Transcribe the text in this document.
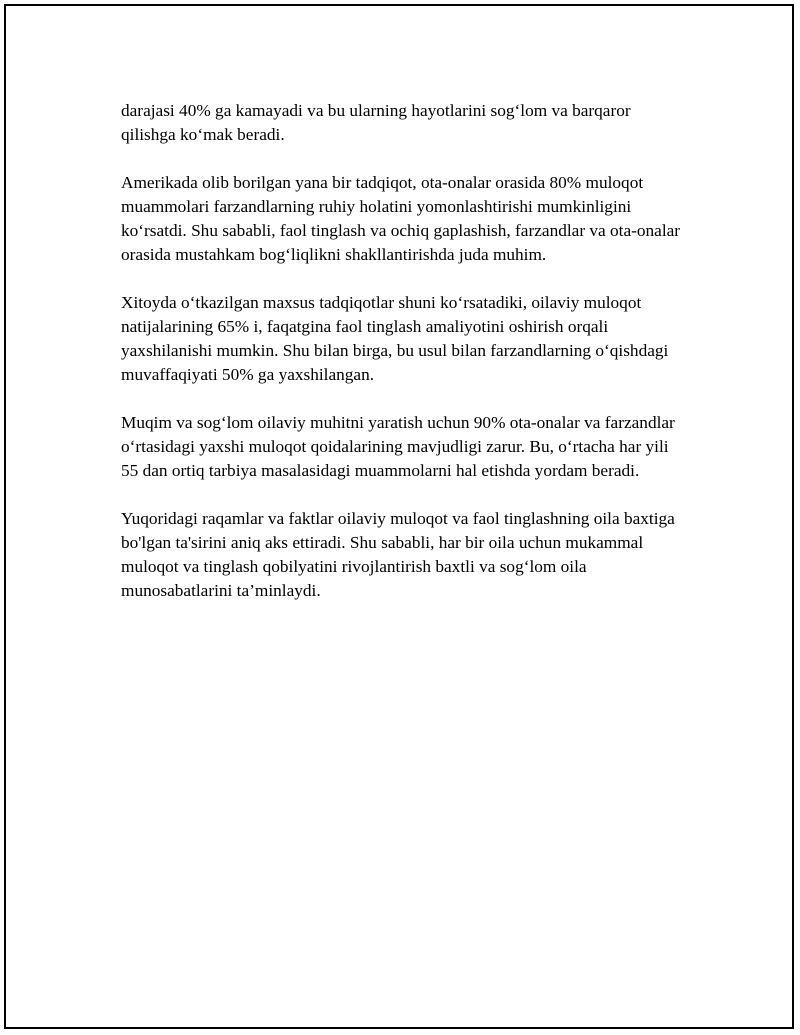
darajasi 40% ga kamayadi va bu ularning hayotlarini sog‘lom va barqaror qilishga ko‘mak beradi.

Amerikada olib borilgan yana bir tadqiqot, ota-onalar orasida 80% muloqot muammolari farzandlarning ruhiy holatini yomonlashtirishi mumkinligini ko‘rsatdi. Shu sababli, faol tinglash va ochiq gaplashish, farzandlar va ota-onalar orasida mustahkam bog‘liqlikni shakllantirishda juda muhim.

Xitoyda o‘tkazilgan maxsus tadqiqotlar shuni ko‘rsatadiki, oilaviy muloqot natijalarining 65% i, faqatgina faol tinglash amaliyotini oshirish orqali yaxshilanishi mumkin. Shu bilan birga, bu usul bilan farzandlarning o‘qishdagi muvaffaqiyati 50% ga yaxshilangan.

Muqim va sog‘lom oilaviy muhitni yaratish uchun 90% ota-onalar va farzandlar o‘rtasidagi yaxshi muloqot qoidalarining mavjudligi zarur. Bu, o‘rtacha har yili 55 dan ortiq tarbiya masalasidagi muammolarni hal etishda yordam beradi.

Yuqoridagi raqamlar va faktlar oilaviy muloqot va faol tinglashning oila baxtiga bo'lgan ta'sirini aniq aks ettiradi. Shu sababli, har bir oila uchun mukammal muloqot va tinglash qobilyatini rivojlantirish baxtli va sog‘lom oila munosabatlarini ta’minlaydi.
